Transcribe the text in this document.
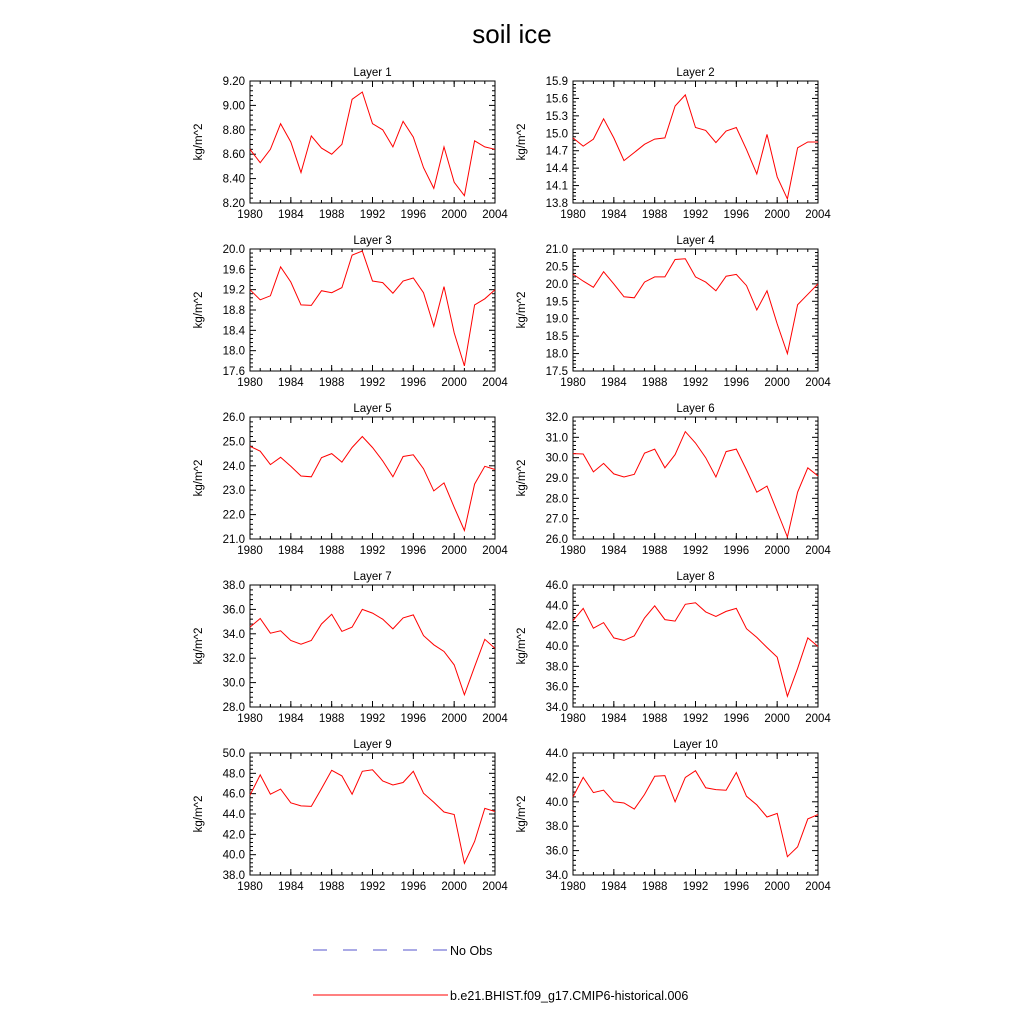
soil ice
Layer 1
kg/m^2
1980 1984 1988 1992 1996 2000 2004
8.20
8.40
8.60
8.80
9.00
9.20
Layer 2
kg/m^2
1980 1984 1988 1992 1996 2000 2004
13.8
14.1
14.4
14.7
15.0
15.3
15.6
15.9
Layer 3
kg/m^2
1980 1984 1988 1992 1996 2000 2004
17.6
18.0
18.4
18.8
19.2
19.6
20.0
Layer 4
kg/m^2
1980 1984 1988 1992 1996 2000 2004
17.5
18.0
18.5
19.0
19.5
20.0
20.5
21.0
Layer 5
kg/m^2
1980 1984 1988 1992 1996 2000 2004
21.0
22.0
23.0
24.0
25.0
26.0
Layer 6
kg/m^2
1980 1984 1988 1992 1996 2000 2004
26.0
27.0
28.0
29.0
30.0
31.0
32.0
Layer 7
kg/m^2
1980 1984 1988 1992 1996 2000 2004
28.0
30.0
32.0
34.0
36.0
38.0
Layer 8
kg/m^2
1980 1984 1988 1992 1996 2000 2004
34.0
36.0
38.0
40.0
42.0
44.0
46.0
Layer 9
kg/m^2
1980 1984 1988 1992 1996 2000 2004
38.0
40.0
42.0
44.0
46.0
48.0
50.0
Layer 10
kg/m^2
1980 1984 1988 1992 1996 2000 2004
34.0
36.0
38.0
40.0
42.0
44.0
No Obs
b.e21.BHIST.f09_g17.CMIP6-historical.006
